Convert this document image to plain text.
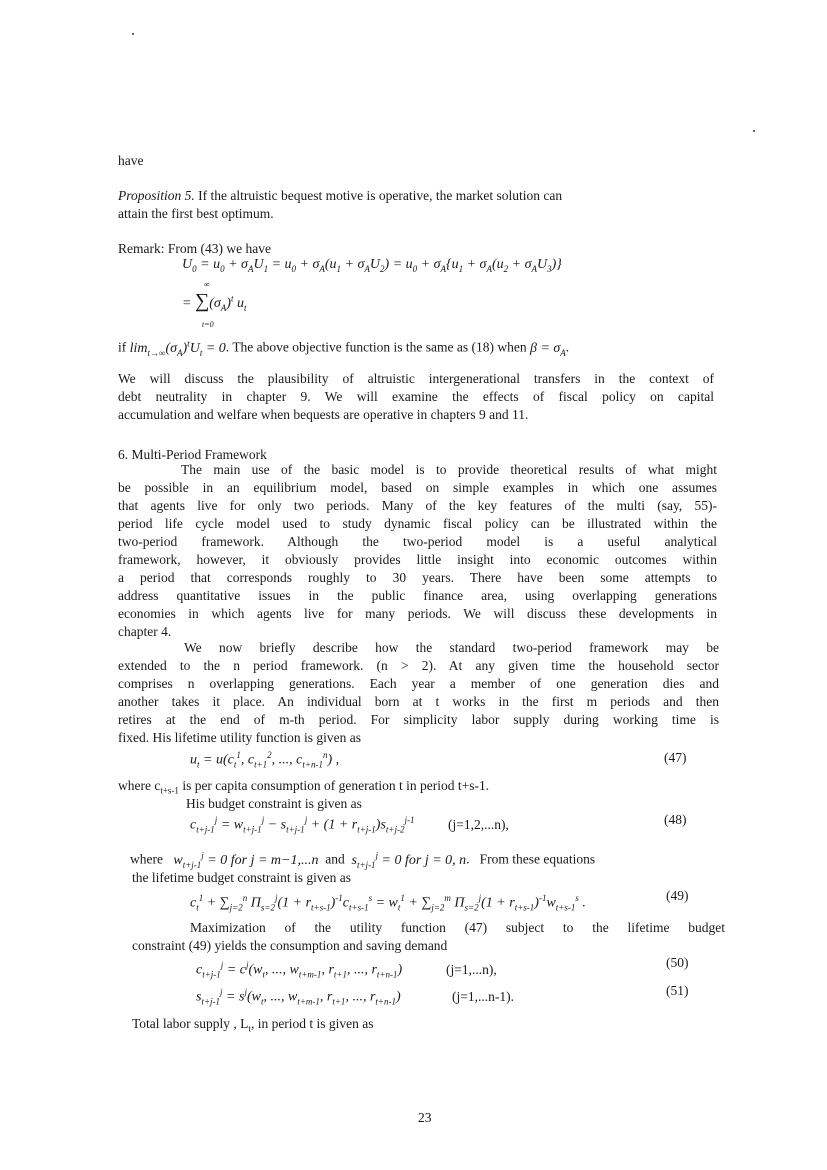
have
Proposition 5. If the altruistic bequest motive is operative, the market solution can
attain the first best optimum.
Remark: From (43) we have
$U_0 = u_0 + \sigma_AU_1 = u_0 + \sigma_A(u_1 + \sigma_AU_2) = u_0 + \sigma_A\{u_1 + \sigma_A(u_2 + \sigma_AU_3)\}$
∞
= $\sum(\sigma_A)^t$ $u_t$
t=0
if $\lim_{t\to\infty}(\sigma_A)^tU_t = 0$. The above objective function is the same as (18) when $\beta = \sigma_A$.
We will discuss the plausibility of altruistic intergenerational transfers in the context of
debt neutrality in chapter 9. We will examine the effects of fiscal policy on capital
accumulation and welfare when bequests are operative in chapters 9 and 11.
6. Multi-Period Framework
The main use of the basic model is to provide theoretical results of what might
be possible in an equilibrium model, based on simple examples in which one assumes
that agents live for only two periods. Many of the key features of the multi (say, 55)-
period life cycle model used to study dynamic fiscal policy can be illustrated within the
two-period framework. Although the two-period model is a useful analytical
framework, however, it obviously provides little insight into economic outcomes within
a period that corresponds roughly to 30 years. There have been some attempts to
address quantitative issues in the public finance area, using overlapping generations
economies in which agents live for many periods. We will discuss these developments in
chapter 4.
We now briefly describe how the standard two-period framework may be
extended to the n period framework. (n > 2). At any given time the household sector
comprises n overlapping generations. Each year a member of one generation dies and
another takes it place. An individual born at t works in the first m periods and then
retires at the end of m-th period. For simplicity labor supply during working time is
fixed. His lifetime utility function is given as
$u_t = u(c_t^1$, $c_{t+1}^2$, ..., $c_{t+n-1}^n$) ,	(47)
where $c_{t+s-1}$ is per capita consumption of generation t in period t+s-1.
His budget constraint is given as
$c_{t+j-1}^j = w_{t+j-1}^j - s_{t+j-1}^j + (1 + r_{t+j-1})s_{t+j-2}^{j-1}$ (j=1,2,...n),	(48)
where   $w_{t+j-1}^j = 0$ for j = m−1,...n  and  $s_{t+j-1}^j = 0$ for j = 0, n.   From these equations
the lifetime budget constraint is given as
$c_t^1 + \sum_{j=2}^n$ $\Pi_{s=2}^j(1 + r_{t+s-1})^{-1}c_{t+s-1}^s = w_t^1 + \sum_{j=2}^m$ $\Pi_{s=2}^j(1 + r_{t+s-1})^{-1}w_{t+s-1}^s$ .
(49)
Maximization of the utility function (47) subject to the lifetime budget
constraint (49) yields the consumption and saving demand
$c_{t+j-1}^j = c^j(w_t$, ..., $w_{t+m-1}$, $r_{t+1}$, ..., $r_{t+n-1}$)	(j=1,...n),	(50)
$s_{t+j-1}^j = s^j(w_t$, ..., $w_{t+m-1}$, $r_{t+1}$, ..., $r_{t+n-1}$)	(j=1,...n-1).	(51)
Total labor supply , $L_t$, in period t is given as
23
